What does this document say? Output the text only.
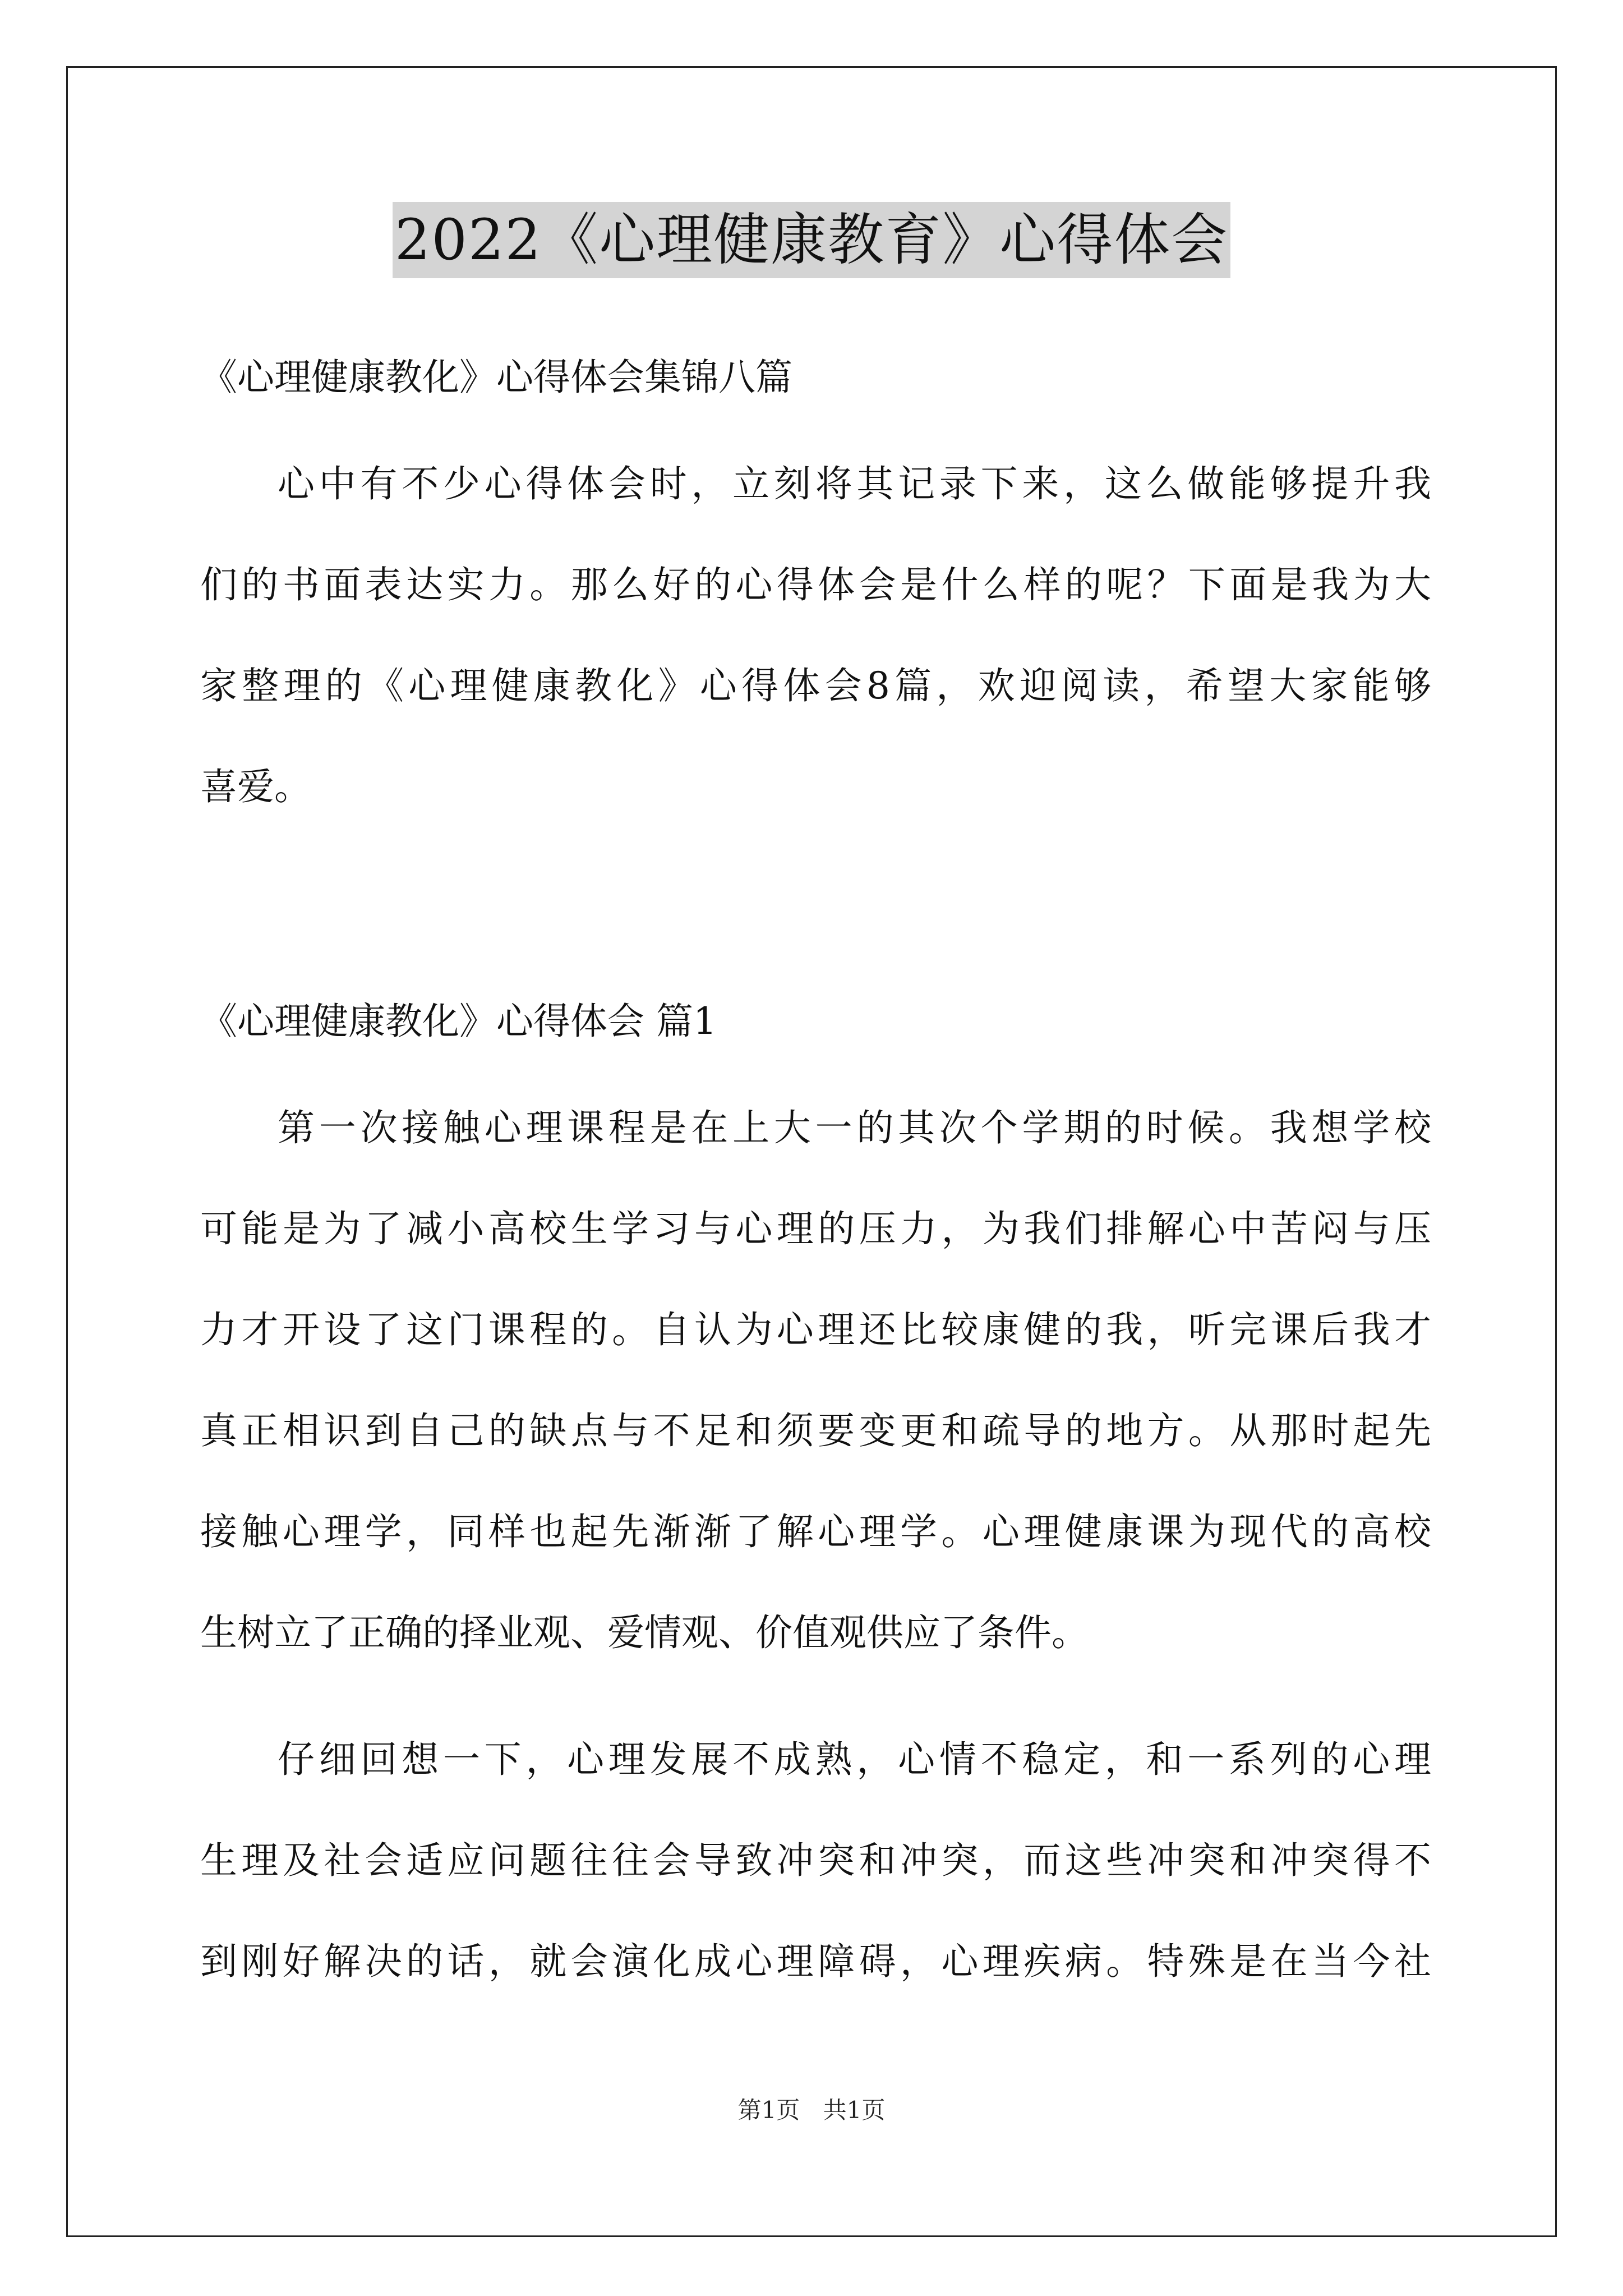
2022《心理健康教育》心得体会
《心理健康教化》心得体会集锦八篇
心中有不少心得体会时，立刻将其记录下来，这么做能够提升我
们的书面表达实力。那么好的心得体会是什么样的呢？下面是我为大
家整理的《心理健康教化》心得体会8篇，欢迎阅读，希望大家能够
喜爱。
《心理健康教化》心得体会 篇1
第一次接触心理课程是在上大一的其次个学期的时候。我想学校
可能是为了减小高校生学习与心理的压力，为我们排解心中苦闷与压
力才开设了这门课程的。自认为心理还比较康健的我，听完课后我才
真正相识到自己的缺点与不足和须要变更和疏导的地方。从那时起先
接触心理学，同样也起先渐渐了解心理学。心理健康课为现代的高校
生树立了正确的择业观、爱情观、价值观供应了条件。
仔细回想一下，心理发展不成熟，心情不稳定，和一系列的心理
生理及社会适应问题往往会导致冲突和冲突，而这些冲突和冲突得不
到刚好解决的话，就会演化成心理障碍，心理疾病。特殊是在当今社
第1页 共1页
